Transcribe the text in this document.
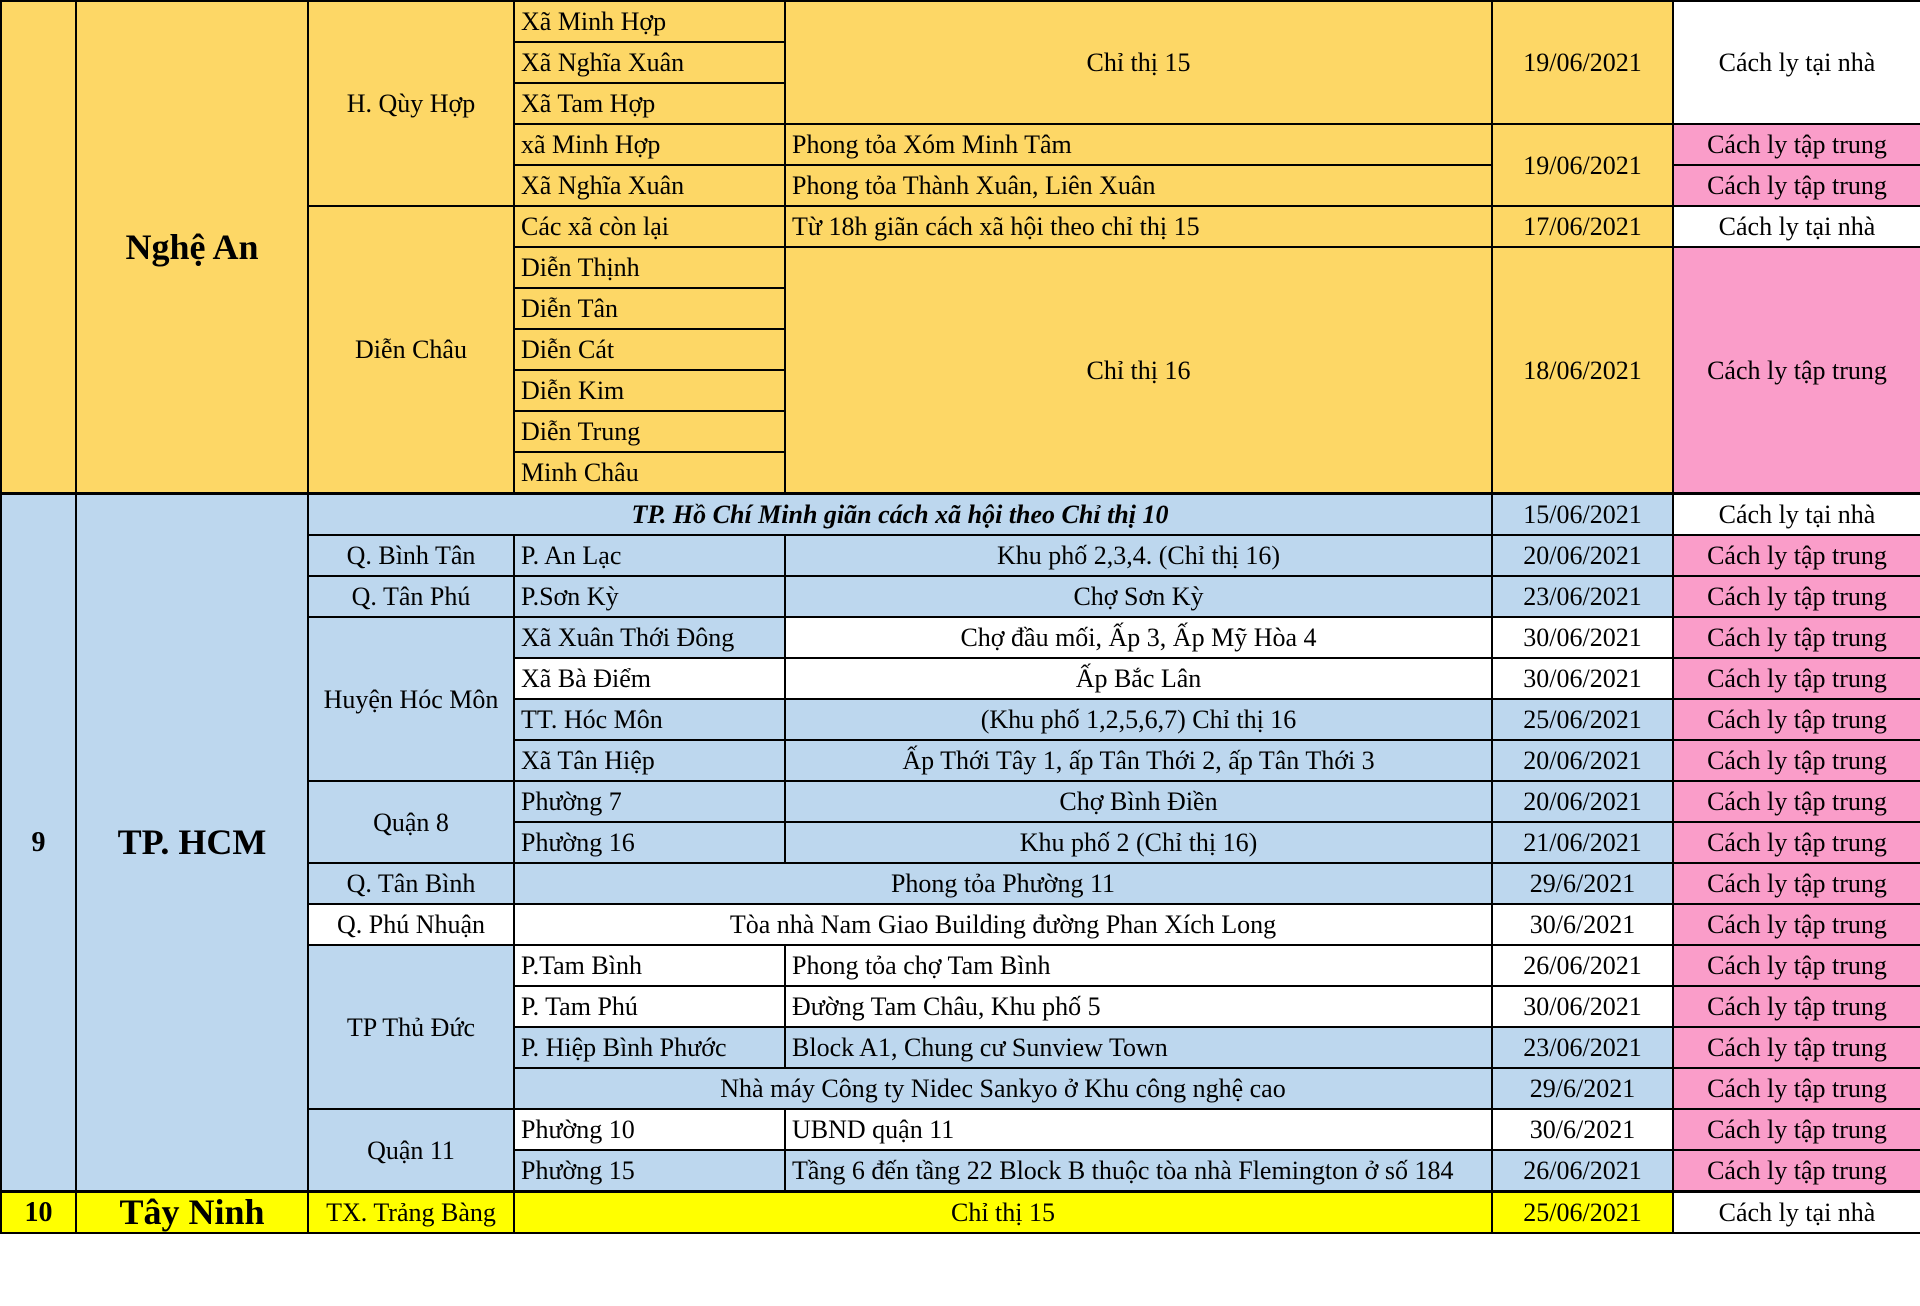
	Nghệ An	H. Qùy Hợp	Xã Minh Hợp	Chỉ thị 15	19/06/2021	Cách ly tại nhà
			Xã Nghĩa Xuân			
			Xã Tam Hợp			
			xã Minh Hợp	Phong tỏa Xóm Minh Tâm	19/06/2021	Cách ly tập trung
			Xã Nghĩa Xuân	Phong tỏa Thành Xuân, Liên Xuân		Cách ly tập trung
		Diễn Châu	Các xã còn lại	Từ 18h giãn cách xã hội theo chỉ thị 15	17/06/2021	Cách ly tại nhà
			Diễn Thịnh	Chỉ thị 16	18/06/2021	Cách ly tập trung
			Diễn Tân			
			Diễn Cát			
			Diễn Kim			
			Diễn Trung			
			Minh Châu			
9	TP. HCM	TP. Hồ Chí Minh giãn cách xã hội theo Chỉ thị 10			15/06/2021	Cách ly tại nhà
		Q. Bình Tân	P. An Lạc	Khu phố 2,3,4. (Chỉ thị 16)	20/06/2021	Cách ly tập trung
		Q. Tân Phú	P.Sơn Kỳ	Chợ Sơn Kỳ	23/06/2021	Cách ly tập trung
		Huyện Hóc Môn	Xã Xuân Thới Đông	Chợ đầu mối, Ấp 3, Ấp Mỹ Hòa 4	30/06/2021	Cách ly tập trung
			Xã Bà Điểm	Ấp Bắc Lân	30/06/2021	Cách ly tập trung
			TT. Hóc Môn	(Khu phố 1,2,5,6,7) Chỉ thị 16	25/06/2021	Cách ly tập trung
			Xã Tân Hiệp	Ấp Thới Tây 1, ấp Tân Thới 2, ấp Tân Thới 3	20/06/2021	Cách ly tập trung
		Quận 8	Phường 7	Chợ Bình Điền	20/06/2021	Cách ly tập trung
			Phường 16	Khu phố 2 (Chỉ thị 16)	21/06/2021	Cách ly tập trung
		Q. Tân Bình	Phong tỏa Phường 11		29/6/2021	Cách ly tập trung
		Q. Phú Nhuận	Tòa nhà Nam Giao Building đường Phan Xích Long		30/6/2021	Cách ly tập trung
		TP Thủ Đức	P.Tam Bình	Phong tỏa chợ Tam Bình	26/06/2021	Cách ly tập trung
			P. Tam Phú	Đường Tam Châu, Khu phố 5	30/06/2021	Cách ly tập trung
			P. Hiệp Bình Phước	Block A1, Chung cư Sunview Town	23/06/2021	Cách ly tập trung
			Nhà máy Công ty Nidec Sankyo ở Khu công nghệ cao		29/6/2021	Cách ly tập trung
		Quận 11	Phường 10	UBND quận 11	30/6/2021	Cách ly tập trung
			Phường 15	Tầng 6 đến tầng 22 Block B thuộc tòa nhà Flemington ở số 184	26/06/2021	Cách ly tập trung
10	Tây Ninh	TX. Trảng Bàng	Chỉ thị 15		25/06/2021	Cách ly tại nhà
